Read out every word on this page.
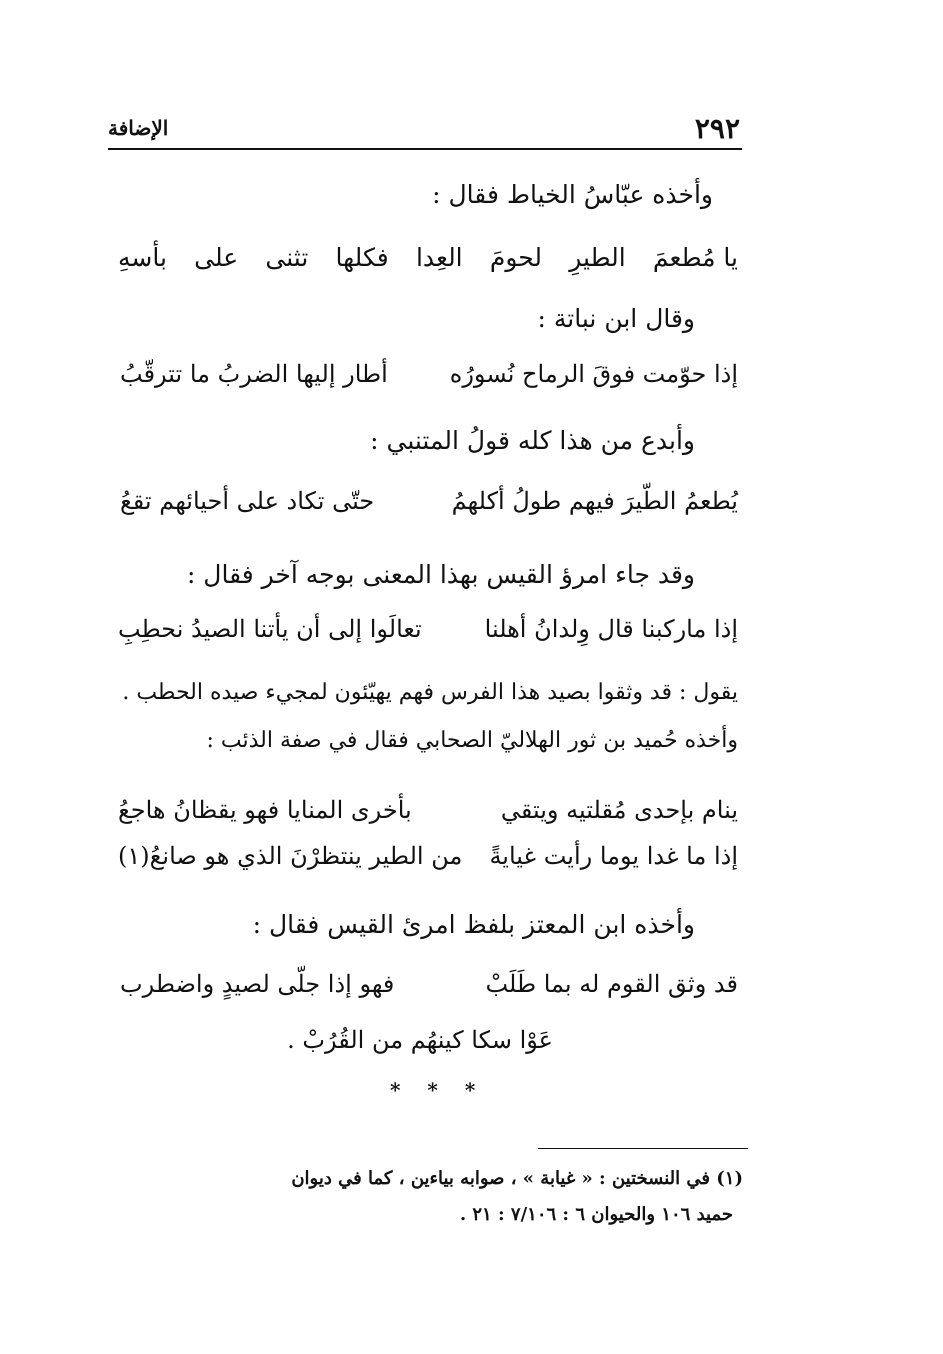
٢٩٢
الإضافة
وأخذه عبّاسُ الخياط فقال :
يا مُطعمَ
الطيرِ
لحومَ
العِدا
فكلها
تثنى
على
بأسهِ
وقال ابن نباتة :
إذا حوّمت فوقَ الرماح نُسورُه
أطار إليها الضربُ ما تترقّبُ
وأبدع من هذا كله قولُ المتنبي :
يُطعمُ الطّيرَ فيهم طولُ أكلهمُ
حتّى تكاد على أحيائهم تقعُ
وقد جاء امرؤ القيس بهذا المعنى بوجه آخر فقال :
إذا ماركبنا قال وِلدانُ أهلنا
تعالَوا إلى أن يأتنا الصيدُ نحطِبِ
يقول : قد وثقوا بصيد هذا الفرس فهم يهيّئون لمجيء صيده الحطب .
وأخذه حُميد بن ثور الهلاليّ الصحابي فقال في صفة الذئب :
ينام بإحدى مُقلتيه ويتقي
بأخرى المنايا فهو يقظانُ هاجعُ
إذا ما غدا يوما رأيت غيايةً
من الطير ينتظرْنَ الذي هو صانعُ(١)
وأخذه ابن المعتز بلفظ امرئ القيس فقال :
قد وثق القوم له بما طَلَبْ
فهو إذا جلّى لصيدٍ واضطرب
عَوْا سكا كينهُم من القُرُبْ .
* * *
(١) في النسختين : « غيابة » ، صوابه بياءين ، كما في ديوان
حميد ١٠٦ والحيوان ٦ : ٧/١٠٦ : ٢١ .
